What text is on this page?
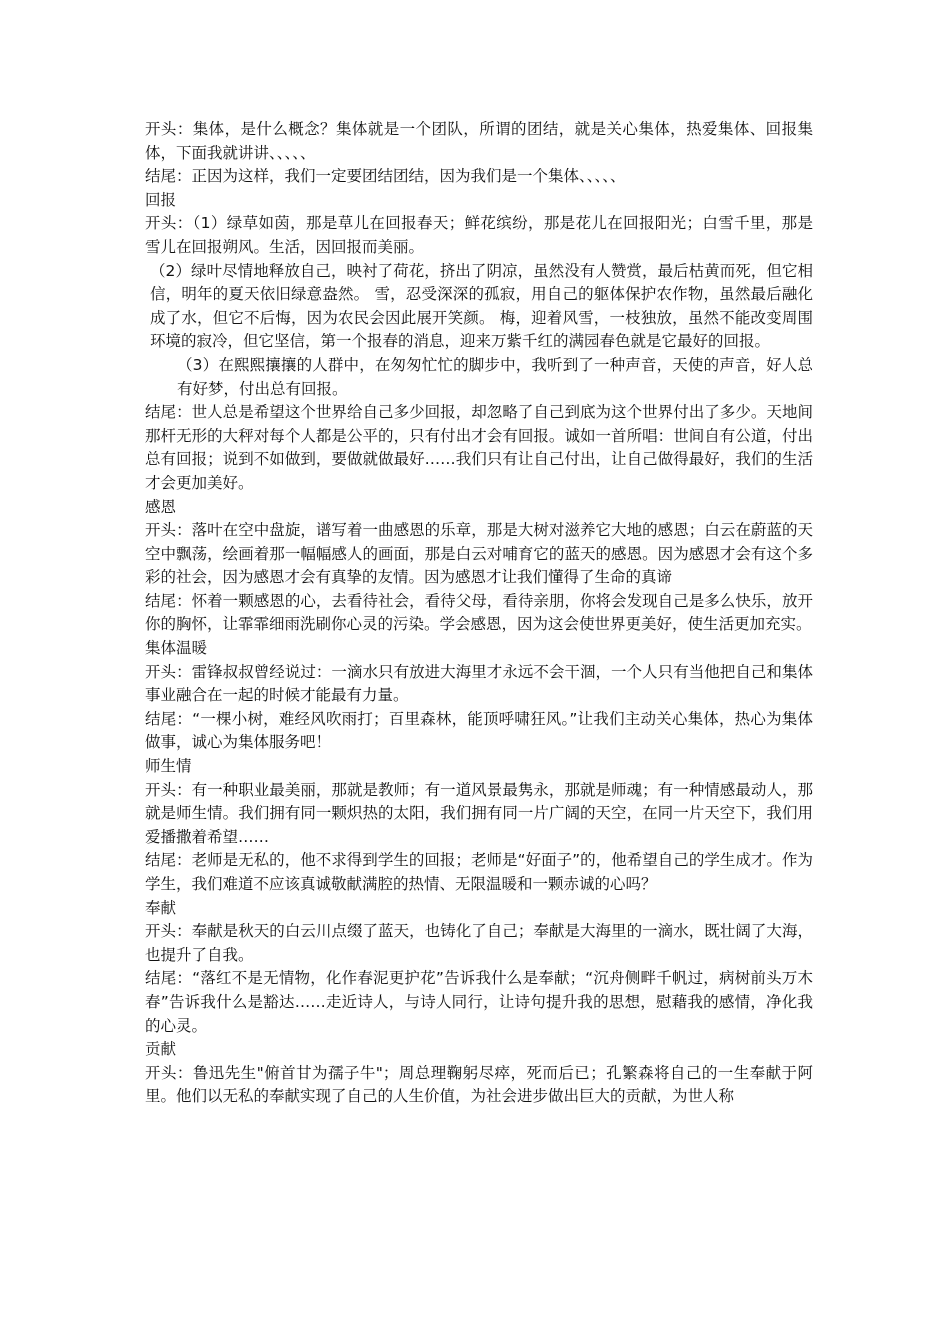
开头：集体，是什么概念？集体就是一个团队，所谓的团结，就是关心集体，热爱集体、回报集体，下面我就讲讲、、、、、

结尾：正因为这样，我们一定要团结团结，因为我们是一个集体、、、、、

回报

开头：（1）绿草如茵，那是草儿在回报春天；鲜花缤纷，那是花儿在回报阳光；白雪千里，那是雪儿在回报朔风。生活，因回报而美丽。

（2）绿叶尽情地释放自己，映衬了荷花，挤出了阴凉，虽然没有人赞赏，最后枯黄而死，但它相信，明年的夏天依旧绿意盎然。 雪，忍受深深的孤寂，用自己的躯体保护农作物，虽然最后融化成了水，但它不后悔，因为农民会因此展开笑颜。 梅，迎着风雪，一枝独放，虽然不能改变周围环境的寂冷，但它坚信，第一个报春的消息，迎来万紫千红的满园春色就是它最好的回报。

（3）在熙熙攘攘的人群中，在匆匆忙忙的脚步中，我听到了一种声音，天使的声音，好人总有好梦，付出总有回报。

结尾：世人总是希望这个世界给自己多少回报，却忽略了自己到底为这个世界付出了多少。天地间那杆无形的大秤对每个人都是公平的，只有付出才会有回报。诚如一首所唱：世间自有公道，付出总有回报；说到不如做到，要做就做最好……我们只有让自己付出，让自己做得最好，我们的生活才会更加美好。

感恩

开头：落叶在空中盘旋，谱写着一曲感恩的乐章，那是大树对滋养它大地的感恩；白云在蔚蓝的天空中飘荡，绘画着那一幅幅感人的画面，那是白云对哺育它的蓝天的感恩。因为感恩才会有这个多彩的社会，因为感恩才会有真挚的友情。因为感恩才让我们懂得了生命的真谛

结尾：怀着一颗感恩的心，去看待社会，看待父母，看待亲朋，你将会发现自己是多么快乐，放开你的胸怀，让霏霏细雨洗刷你心灵的污染。学会感恩，因为这会使世界更美好，使生活更加充实。

集体温暖

开头：雷锋叔叔曾经说过：一滴水只有放进大海里才永远不会干涸，一个人只有当他把自己和集体事业融合在一起的时候才能最有力量。

结尾：“一棵小树，难经风吹雨打；百里森林，能顶呼啸狂风。”让我们主动关心集体，热心为集体做事，诚心为集体服务吧！

师生情

开头：有一种职业最美丽，那就是教师；有一道风景最隽永，那就是师魂；有一种情感最动人，那就是师生情。我们拥有同一颗炽热的太阳，我们拥有同一片广阔的天空，在同一片天空下，我们用爱播撒着希望……

结尾：老师是无私的，他不求得到学生的回报；老师是“好面子”的，他希望自己的学生成才。作为学生，我们难道不应该真诚敬献满腔的热情、无限温暖和一颗赤诚的心吗？

奉献

开头：奉献是秋天的白云川点缀了蓝天，也铸化了自己；奉献是大海里的一滴水，既壮阔了大海，也提升了自我。

结尾：“落红不是无情物，化作春泥更护花”告诉我什么是奉献；“沉舟侧畔千帆过，病树前头万木春”告诉我什么是豁达……走近诗人，与诗人同行，让诗句提升我的思想，慰藉我的感情，净化我的心灵。

贡献

开头：鲁迅先生"俯首甘为孺子牛"；周总理鞠躬尽瘁，死而后已；孔繁森将自己的一生奉献于阿里。他们以无私的奉献实现了自己的人生价值，为社会进步做出巨大的贡献，为世人称
